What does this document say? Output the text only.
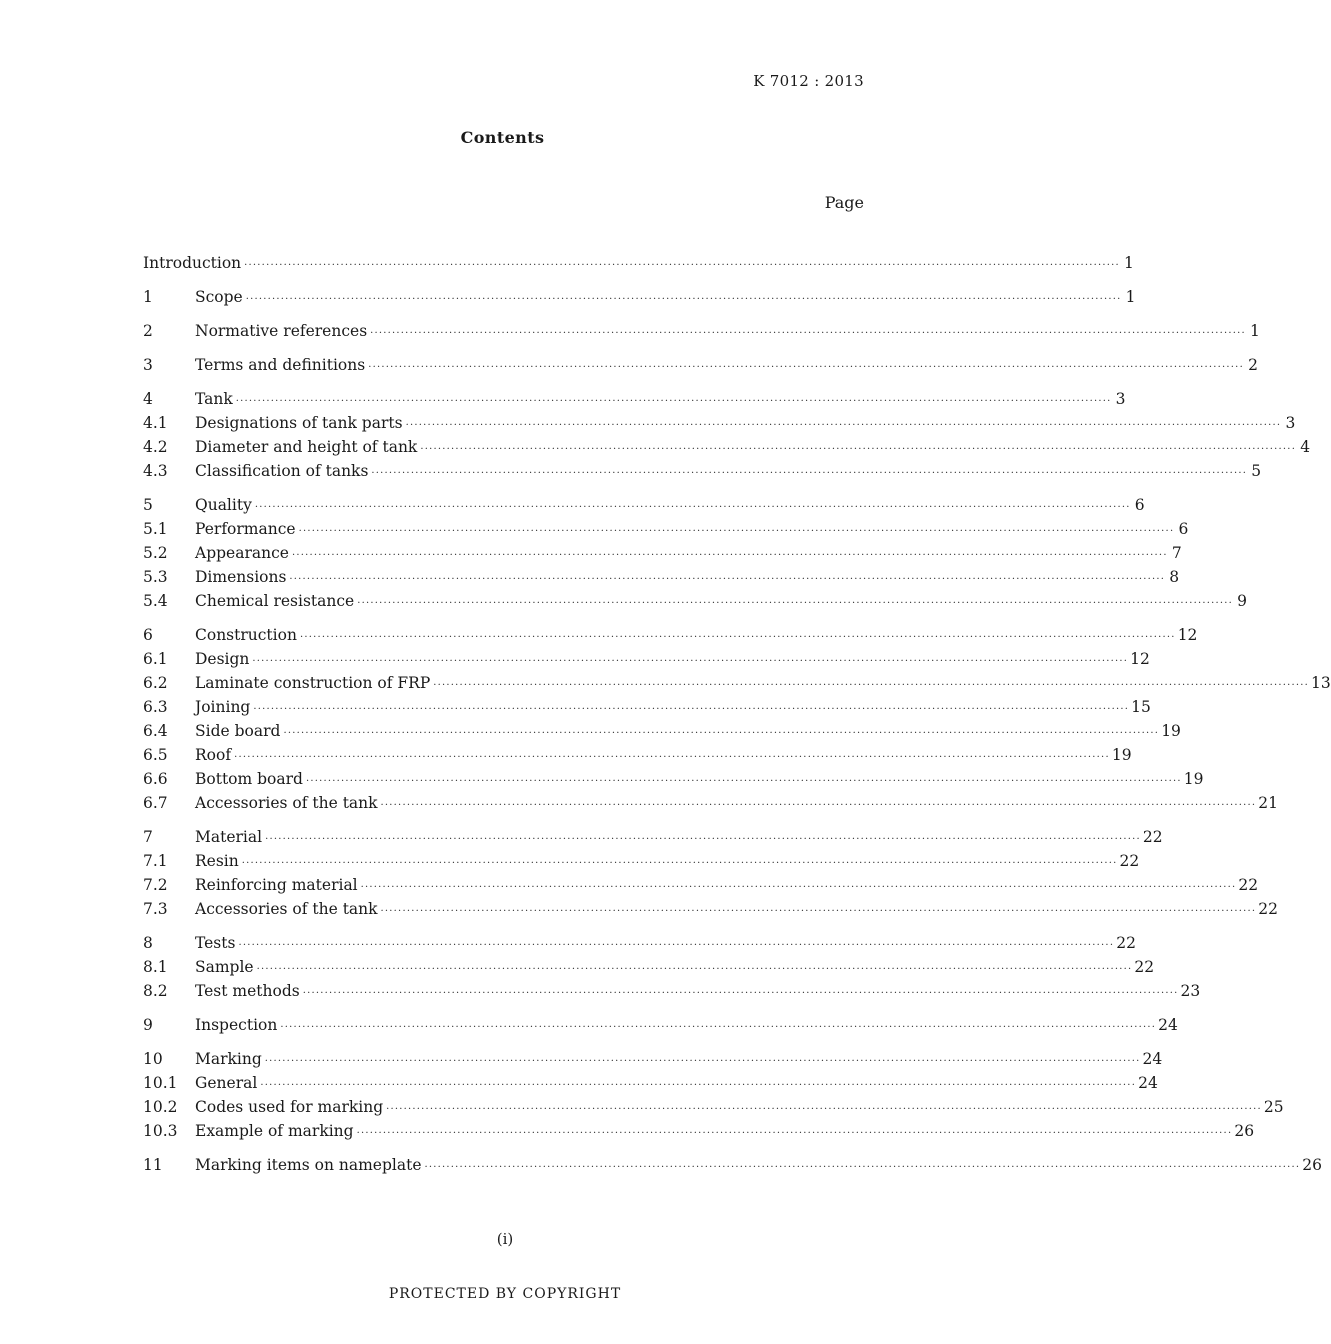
K 7012 : 2013
Contents
Page
Introduction ········································································································································································································ 1
1	Scope ········································································································································································································ 1
2	Normative references ········································································································································································································ 1
3	Terms and definitions ········································································································································································································ 2
4	Tank ········································································································································································································ 3
4.1	Designations of tank parts ········································································································································································································ 3
4.2	Diameter and height of tank ········································································································································································································ 4
4.3	Classification of tanks ········································································································································································································ 5
5	Quality ········································································································································································································ 6
5.1	Performance ········································································································································································································ 6
5.2	Appearance ········································································································································································································ 7
5.3	Dimensions ········································································································································································································ 8
5.4	Chemical resistance ········································································································································································································ 9
6	Construction ········································································································································································································ 12
6.1	Design ········································································································································································································ 12
6.2	Laminate construction of FRP ········································································································································································································ 13
6.3	Joining ········································································································································································································ 15
6.4	Side board ········································································································································································································ 19
6.5	Roof ········································································································································································································ 19
6.6	Bottom board ········································································································································································································ 19
6.7	Accessories of the tank ········································································································································································································ 21
7	Material ········································································································································································································ 22
7.1	Resin ········································································································································································································ 22
7.2	Reinforcing material ········································································································································································································ 22
7.3	Accessories of the tank ········································································································································································································ 22
8	Tests ········································································································································································································ 22
8.1	Sample ········································································································································································································ 22
8.2	Test methods ········································································································································································································ 23
9	Inspection ········································································································································································································ 24
10	Marking ········································································································································································································ 24
10.1	General ········································································································································································································ 24
10.2	Codes used for marking ········································································································································································································ 25
10.3	Example of marking ········································································································································································································ 26
11	Marking items on nameplate ········································································································································································································ 26
(i)
PROTECTED BY COPYRIGHT
